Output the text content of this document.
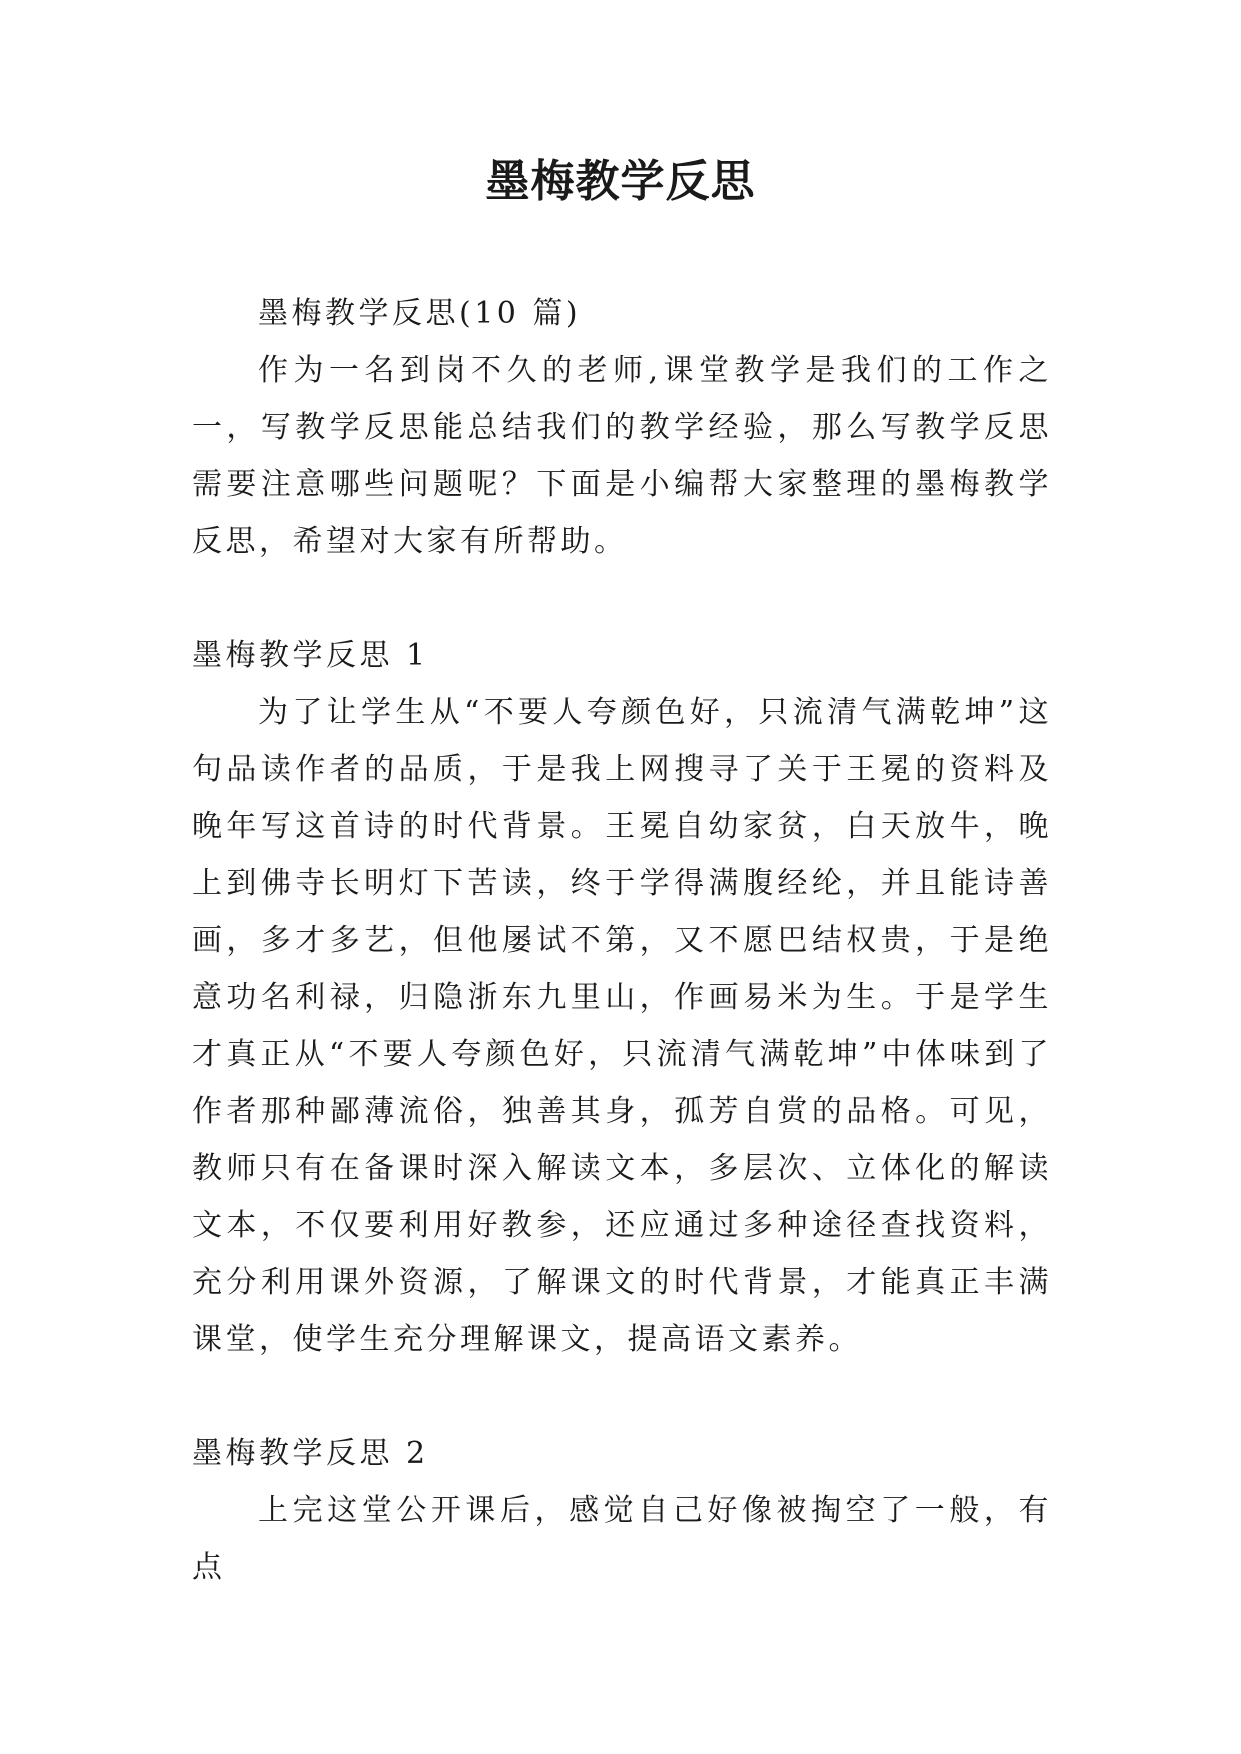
墨梅教学反思

墨梅教学反思(10 篇)

作为一名到岗不久的老师,课堂教学是我们的工作之一，写教学反思能总结我们的教学经验，那么写教学反思需要注意哪些问题呢？下面是小编帮大家整理的墨梅教学反思，希望对大家有所帮助。

墨梅教学反思 1

为了让学生从“不要人夸颜色好，只流清气满乾坤”这句品读作者的品质，于是我上网搜寻了关于王冕的资料及晚年写这首诗的时代背景。王冕自幼家贫，白天放牛，晚上到佛寺长明灯下苦读，终于学得满腹经纶，并且能诗善画，多才多艺，但他屡试不第，又不愿巴结权贵，于是绝意功名利禄，归隐浙东九里山，作画易米为生。于是学生才真正从“不要人夸颜色好，只流清气满乾坤”中体味到了作者那种鄙薄流俗，独善其身，孤芳自赏的品格。可见，教师只有在备课时深入解读文本，多层次、立体化的解读文本，不仅要利用好教参，还应通过多种途径查找资料，充分利用课外资源，了解课文的时代背景，才能真正丰满课堂，使学生充分理解课文，提高语文素养。

墨梅教学反思 2

上完这堂公开课后，感觉自己好像被掏空了一般，有点
